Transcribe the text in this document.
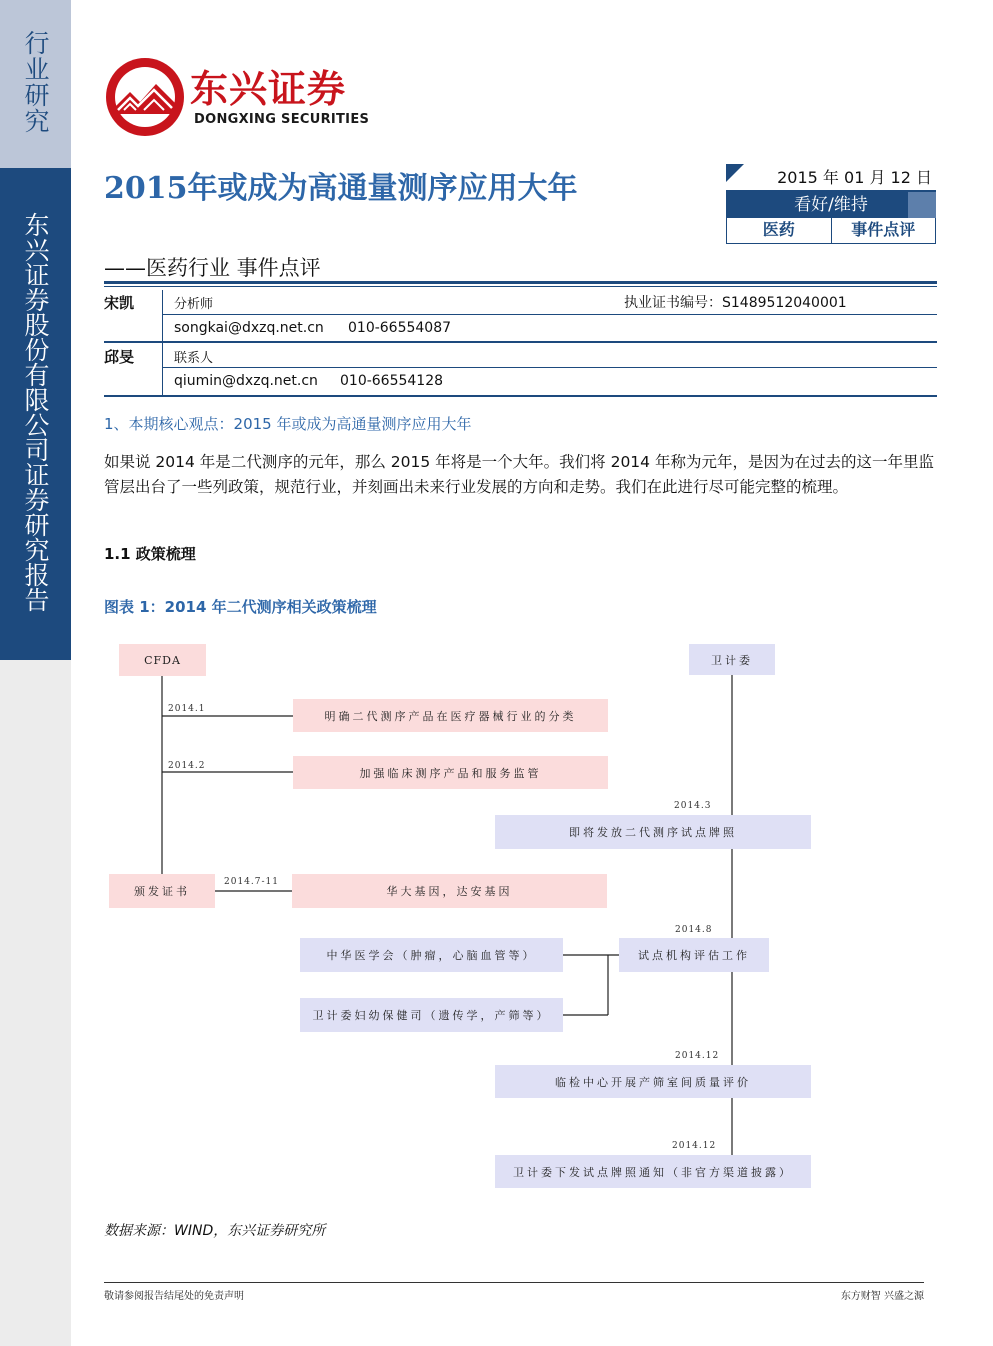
行业研究
东兴证券股份有限公司证券研究报告
东兴证券
DONGXING SECURITIES
2015年或成为高通量测序应用大年
——医药行业 事件点评
2015 年 01 月 12 日
看好/维持
医药	事件点评
宋凯	分析师	执业证书编号：S1489512040001
songkai@dxzq.net.cn 010-66554087
邱旻	联系人
qiumin@dxzq.net.cn 010-66554128
1、本期核心观点：2015 年或成为高通量测序应用大年
如果说 2014 年是二代测序的元年，那么 2015 年将是一个大年。我们将 2014 年称为元年，是因为在过去的这一年里监管层出台了一些列政策，规范行业，并刻画出未来行业发展的方向和走势。我们在此进行尽可能完整的梳理。
1.1 政策梳理
图表 1：2014 年二代测序相关政策梳理
CFDA	卫计委
2014.1
明确二代测序产品在医疗器械行业的分类
2014.2
加强临床测序产品和服务监管
2014.3
即将发放二代测序试点牌照
颁发证书
2014.7-11
华大基因，达安基因
2014.8
中华医学会（肿瘤，心脑血管等）	试点机构评估工作
卫计委妇幼保健司（遗传学，产筛等）
2014.12
临检中心开展产筛室间质量评价
2014.12
卫计委下发试点牌照通知（非官方渠道披露）
数据来源：WIND，东兴证券研究所
敬请参阅报告结尾处的免责声明	东方财智 兴盛之源
